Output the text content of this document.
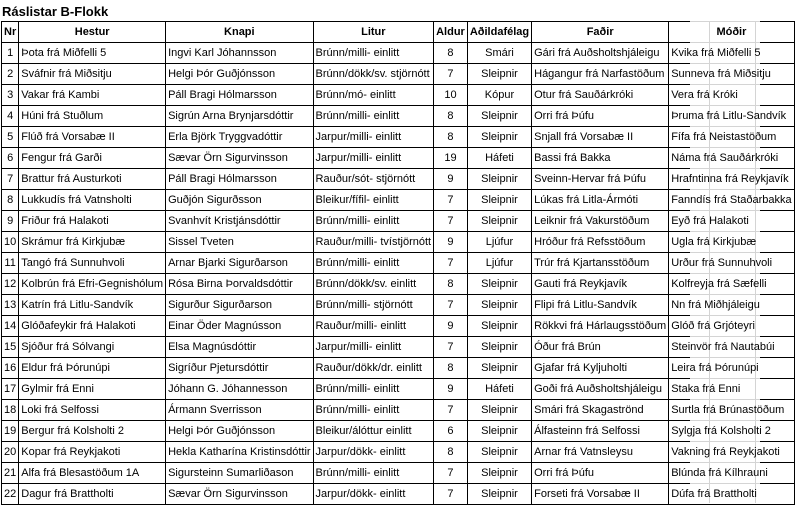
Ráslistar B-Flokk
Nr	Hestur	Knapi	Litur	Aldur	Aðildafélag	Faðir	Móðir
1	Þota frá Miðfelli 5	Ingvi Karl Jóhannsson	Brúnn/milli- einlitt	8	Smári	Gári frá Auðsholtshjáleigu	Kvika frá Miðfelli 5
2	Sváfnir frá Miðsitju	Helgi Þór Guðjónsson	Brúnn/dökk/sv. stjörnótt	7	Sleipnir	Hágangur frá Narfastöðum	Sunneva frá Miðsitju
3	Vakar frá Kambi	Páll Bragi Hólmarsson	Brúnn/mó- einlitt	10	Kópur	Otur frá Sauðárkróki	Vera frá Króki
4	Húni frá Stuðlum	Sigrún Arna Brynjarsdóttir	Brúnn/milli- einlitt	8	Sleipnir	Orri frá Þúfu	Þruma frá Litlu-Sandvík
5	Flúð frá Vorsabæ II	Erla Björk Tryggvadóttir	Jarpur/milli- einlitt	8	Sleipnir	Snjall frá Vorsabæ II	Fífa frá Neistastöðum
6	Fengur frá Garði	Sævar Örn Sigurvinsson	Jarpur/milli- einlitt	19	Háfeti	Bassi frá Bakka	Náma frá Sauðárkróki
7	Brattur frá Austurkoti	Páll Bragi Hólmarsson	Rauður/sót- stjörnótt	9	Sleipnir	Sveinn-Hervar frá Þúfu	Hrafntinna frá Reykjavík
8	Lukkudís frá Vatnsholti	Guðjón Sigurðsson	Bleikur/fífil- einlitt	7	Sleipnir	Lúkas frá Litla-Ármóti	Fanndís frá Staðarbakka
9	Friður frá Halakoti	Svanhvít Kristjánsdóttir	Brúnn/milli- einlitt	7	Sleipnir	Leiknir frá Vakurstöðum	Eyð frá Halakoti
10	Skrámur frá Kirkjubæ	Sissel Tveten	Rauður/milli- tvístjörnótt	9	Ljúfur	Hróður frá Refsstöðum	Ugla frá Kirkjubæ
11	Tangó frá Sunnuhvoli	Arnar Bjarki Sigurðarson	Brúnn/milli- einlitt	7	Ljúfur	Trúr frá Kjartansstöðum	Urður frá Sunnuhvoli
12	Kolbrún frá Efri-Gegnishólum	Rósa Birna Þorvaldsdóttir	Brúnn/dökk/sv. einlitt	8	Sleipnir	Gauti frá Reykjavík	Kolfreyja frá Sæfelli
13	Katrín frá Litlu-Sandvík	Sigurður Sigurðarson	Brúnn/milli- stjörnótt	7	Sleipnir	Flipi frá Litlu-Sandvík	Nn frá Miðhjáleigu
14	Glóðafeykir frá Halakoti	Einar Öder Magnússon	Rauður/milli- einlitt	9	Sleipnir	Rökkvi frá Hárlaugsstöðum	Glóð frá Grjóteyri
15	Sjóður frá Sólvangi	Elsa Magnúsdóttir	Jarpur/milli- einlitt	7	Sleipnir	Óður frá Brún	Steinvör frá Nautabúi
16	Eldur frá Þórunúpi	Sigríður Pjetursdóttir	Rauður/dökk/dr. einlitt	8	Sleipnir	Gjafar frá Kyljuholti	Leira frá Þórunúpi
17	Gylmir frá Enni	Jóhann G. Jóhannesson	Brúnn/milli- einlitt	9	Háfeti	Goði frá Auðsholtshjáleigu	Staka frá Enni
18	Loki frá Selfossi	Ármann Sverrisson	Brúnn/milli- einlitt	7	Sleipnir	Smári frá Skagaströnd	Surtla frá Brúnastöðum
19	Bergur frá Kolsholti 2	Helgi Þór Guðjónsson	Bleikur/álóttur einlitt	6	Sleipnir	Álfasteinn frá Selfossi	Sylgja frá Kolsholti 2
20	Kopar frá Reykjakoti	Hekla Katharína Kristinsdóttir	Jarpur/dökk- einlitt	8	Sleipnir	Arnar frá Vatnsleysu	Vakning frá Reykjakoti
21	Alfa frá Blesastöðum 1A	Sigursteinn Sumarliðason	Brúnn/milli- einlitt	7	Sleipnir	Orri frá Þúfu	Blúnda frá Kílhrauni
22	Dagur frá Brattholti	Sævar Örn Sigurvinsson	Jarpur/dökk- einlitt	7	Sleipnir	Forseti frá Vorsabæ II	Dúfa frá Brattholti
